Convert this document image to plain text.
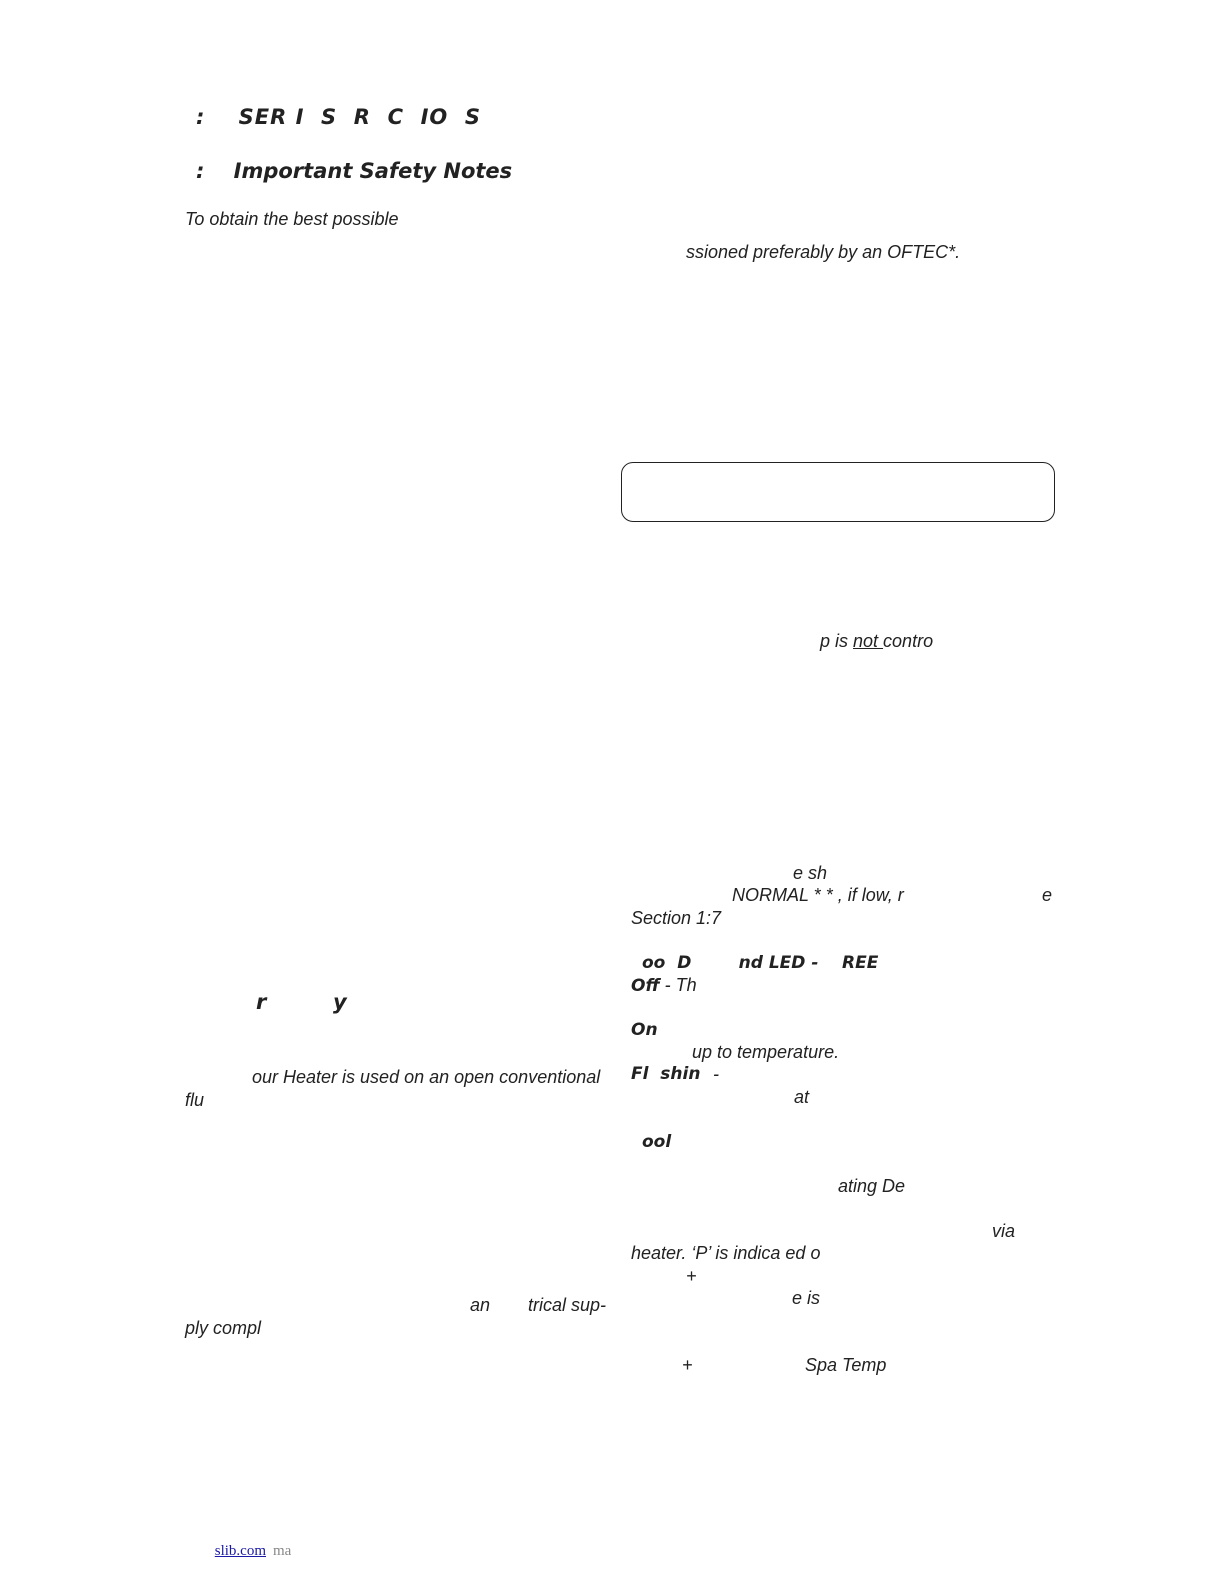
:    SER I  S  R  C  IO  S
:    Important Safety Notes
To obtain the best possible
r	y
our Heater is used on an open conventional
flu
an trical sup-
ply compl
ssioned preferably by an OFTEC*.
p is not contro
e sh
NORMAL * * , if low, r	e
Section 1:7
oo  D        nd LED -    REE
Off - Th
On
up to temperature.
Fl  shin -
at
ool
ating De
via
heater. ‘P’ is indica ed o
+
e is
+	Spa Temp
slib.com ma
